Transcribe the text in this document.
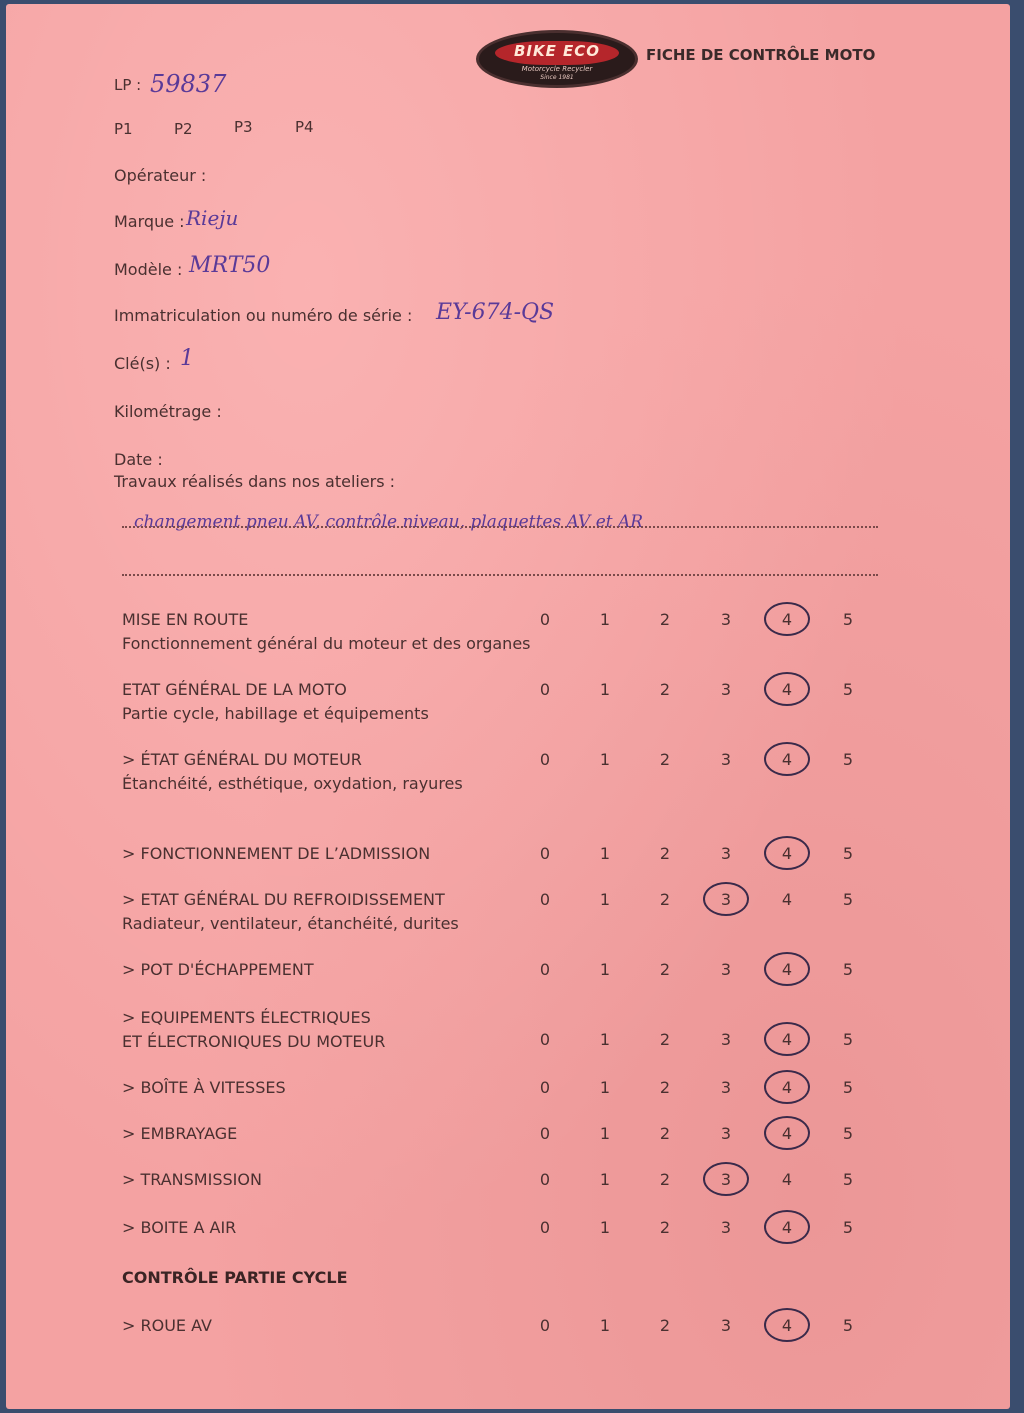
BIKE ECO
Motorcycle Recycler
Since 1981
FICHE DE CONTRÔLE MOTO
LP : 59837
P1	P2	P3	P4
Opérateur :
Marque : Rieju
Modèle : MRT50
Immatriculation ou numéro de série : EY-674-QS
Clé(s) : 1
Kilométrage :
Date :
Travaux réalisés dans nos ateliers :
changement pneu AV, contrôle niveau, plaquettes AV et AR
MISE EN ROUTE
Fonctionnement général du moteur et des organes
0	1	2	3	4	5
ETAT GÉNÉRAL DE LA MOTO
Partie cycle, habillage et équipements
0	1	2	3	4	5
> ÉTAT GÉNÉRAL DU MOTEUR
Étanchéité, esthétique, oxydation, rayures
0	1	2	3	4	5
> FONCTIONNEMENT DE L’ADMISSION	0	1	2	3	4	5
> ETAT GÉNÉRAL DU REFROIDISSEMENT
Radiateur, ventilateur, étanchéité, durites
0	1	2	3	4	5
> POT D'ÉCHAPPEMENT	0	1	2	3	4	5
> EQUIPEMENTS ÉLECTRIQUES
ET ÉLECTRONIQUES DU MOTEUR	0	1	2	3	4	5
> BOÎTE À VITESSES	0	1	2	3	4	5
> EMBRAYAGE	0	1	2	3	4	5
> TRANSMISSION	0	1	2	3	4	5
> BOITE A AIR	0	1	2	3	4	5
CONTRÔLE PARTIE CYCLE
> ROUE AV	0	1	2	3	4	5
